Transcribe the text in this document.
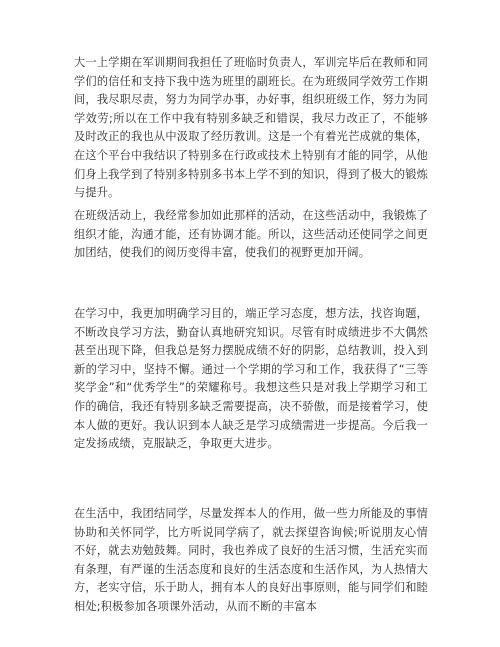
大一上学期在军训期间我担任了班临时负责人，军训完毕后在教师和同学们的信任和支持下我中选为班里的副班长。在为班级同学效劳工作期间，我尽职尽责，努力为同学办事，办好事，组织班级工作，努力为同学效劳;所以在工作中我有特别多缺乏和错误，我尽力改正了，不能够及时改正的我也从中汲取了经历教训。这是一个有着光芒成就的集体，在这个平台中我结识了特别多在行政或技术上特别有才能的同学，从他们身上我学到了特别多特别多书本上学不到的知识，得到了极大的锻炼与提升。

在班级活动上，我经常参加如此那样的活动，在这些活动中，我锻炼了组织才能，沟通才能，还有协调才能。所以，这些活动还使同学之间更加团结，使我们的阅历变得丰富，使我们的视野更加开阔。

在学习中，我更加明确学习目的，端正学习态度，想方法，找咨询题，不断改良学习方法，勤奋认真地研究知识。尽管有时成绩进步不大偶然甚至出现下降，但我总是努力摆脱成绩不好的阴影，总结教训，投入到新的学习中，坚持不懈。通过一个学期的学习和工作，我获得了“三等奖学金”和“优秀学生”的荣耀称号。我想这些只是对我上学期学习和工作的确信，我还有特别多缺乏需要提高，决不骄傲，而是接着学习，使本人做的更好。我认识到本人缺乏是学习成绩需进一步提高。今后我一定发扬成绩，克服缺乏，争取更大进步。

在生活中，我团结同学，尽量发挥本人的作用，做一些力所能及的事情协助和关怀同学，比方听说同学病了，就去探望咨询候;听说朋友心情不好，就去劝勉鼓舞。同时，我也养成了良好的生活习惯，生活充实而有条理，有严谨的生活态度和良好的生活态度和生活作风，为人热情大方，老实守信，乐于助人，拥有本人的良好出事原则，能与同学们和睦相处;积极参加各项课外活动，从而不断的丰富本
